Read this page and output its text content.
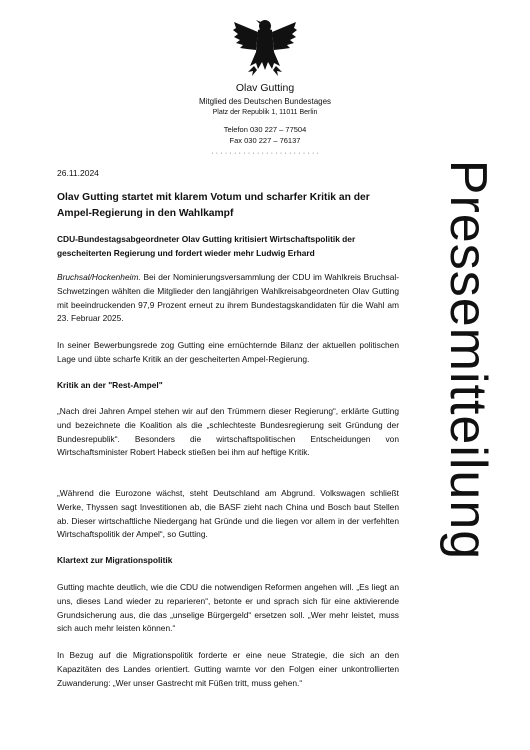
Olav Gutting
Mitglied des Deutschen Bundestages
Platz der Republik 1, 11011 Berlin
Telefon 030 227 – 77504
Fax 030 227 – 76137
· · · · · · · · · · · · · · · · · · · · · · · ·
Pressemitteilung

26.11.2024

Olav Gutting startet mit klarem Votum und scharfer Kritik an der Ampel-Regierung in den Wahlkampf
CDU-Bundestagsabgeordneter Olav Gutting kritisiert Wirtschaftspolitik der gescheiterten Regierung und fordert wieder mehr Ludwig Erhard

Bruchsal/Hockenheim. Bei der Nominierungsversammlung der CDU im Wahlkreis Bruchsal-Schwetzingen wählten die Mitglieder den langjährigen Wahlkreisabgeordneten Olav Gutting mit beeindruckenden 97,9 Prozent erneut zu ihrem Bundestagskandidaten für die Wahl am 23. Februar 2025.

In seiner Bewerbungsrede zog Gutting eine ernüchternde Bilanz der aktuellen politischen Lage und übte scharfe Kritik an der gescheiterten Ampel-Regierung.

Kritik an der "Rest-Ampel"

„Nach drei Jahren Ampel stehen wir auf den Trümmern dieser Regierung“, erklärte Gutting und bezeichnete die Koalition als die „schlechteste Bundesregierung seit Gründung der Bundesrepublik“. Besonders die wirtschaftspolitischen Entscheidungen von Wirtschaftsminister Robert Habeck stießen bei ihm auf heftige Kritik.

„Während die Eurozone wächst, steht Deutschland am Abgrund. Volkswagen schließt Werke, Thyssen sagt Investitionen ab, die BASF zieht nach China und Bosch baut Stellen ab. Dieser wirtschaftliche Niedergang hat Gründe und die liegen vor allem in der verfehlten Wirtschaftspolitik der Ampel“, so Gutting.

Klartext zur Migrationspolitik

Gutting machte deutlich, wie die CDU die notwendigen Reformen angehen will. „Es liegt an uns, dieses Land wieder zu reparieren“, betonte er und sprach sich für eine aktivierende Grundsicherung aus, die das „unselige Bürgergeld“ ersetzen soll. „Wer mehr leistet, muss sich auch mehr leisten können.“

In Bezug auf die Migrationspolitik forderte er eine neue Strategie, die sich an den Kapazitäten des Landes orientiert. Gutting warnte vor den Folgen einer unkontrollierten Zuwanderung: „Wer unser Gastrecht mit Füßen tritt, muss gehen.“
